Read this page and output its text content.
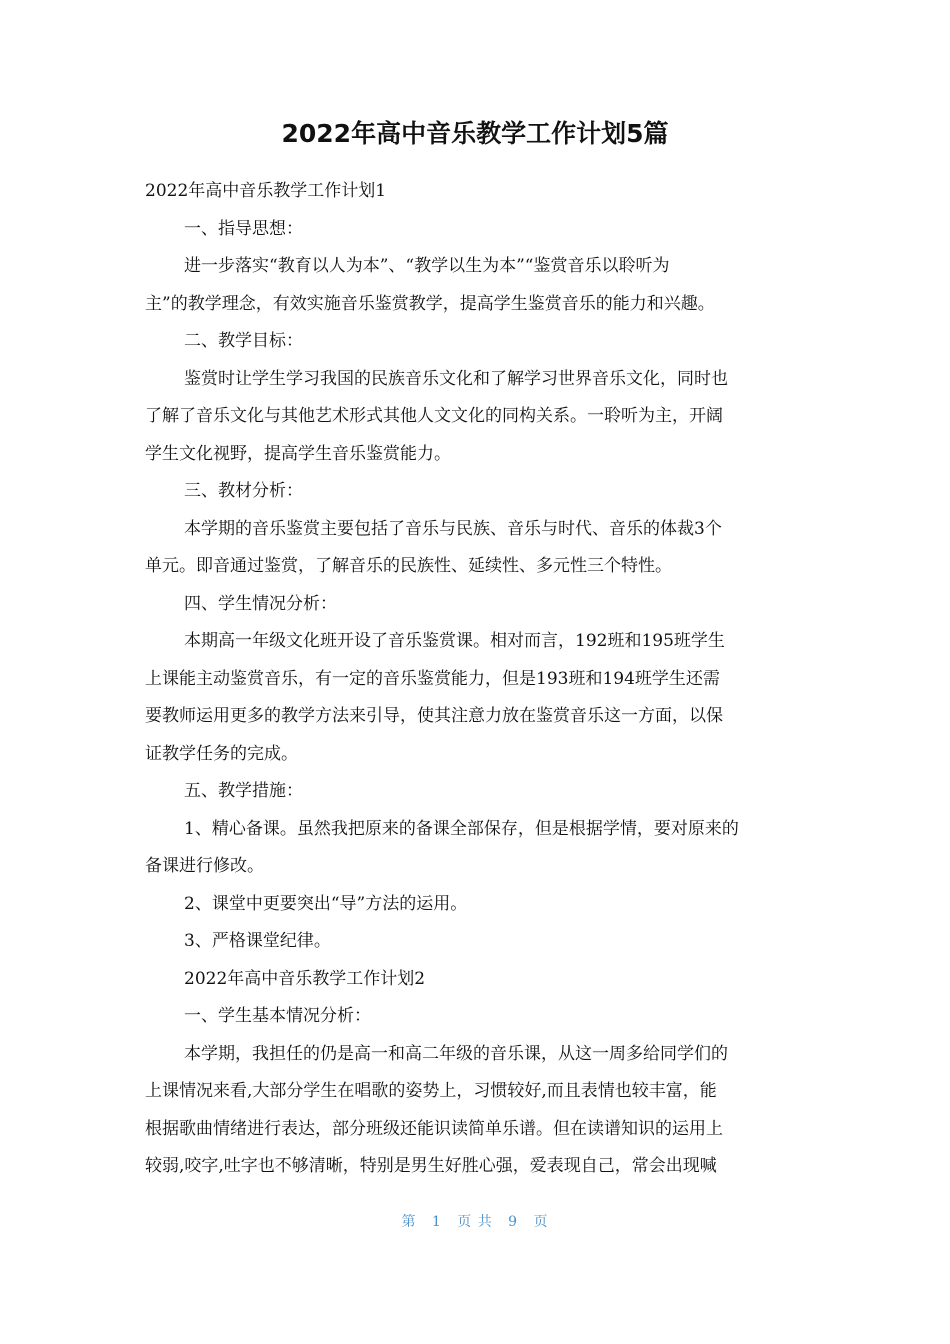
2022年高中音乐教学工作计划5篇

2022年高中音乐教学工作计划1

一、指导思想：

进一步落实“教育以人为本”、“教学以生为本”“鉴赏音乐以聆听为

主”的教学理念，有效实施音乐鉴赏教学，提高学生鉴赏音乐的能力和兴趣。

二、教学目标：

鉴赏时让学生学习我国的民族音乐文化和了解学习世界音乐文化，同时也

了解了音乐文化与其他艺术形式其他人文文化的同构关系。一聆听为主，开阔

学生文化视野，提高学生音乐鉴赏能力。

三、教材分析：

本学期的音乐鉴赏主要包括了音乐与民族、音乐与时代、音乐的体裁3个

单元。即音通过鉴赏，了解音乐的民族性、延续性、多元性三个特性。

四、学生情况分析：

本期高一年级文化班开设了音乐鉴赏课。相对而言，192班和195班学生

上课能主动鉴赏音乐，有一定的音乐鉴赏能力，但是193班和194班学生还需

要教师运用更多的教学方法来引导，使其注意力放在鉴赏音乐这一方面，以保

证教学任务的完成。

五、教学措施：

1、精心备课。虽然我把原来的备课全部保存，但是根据学情，要对原来的

备课进行修改。

2、课堂中更要突出“导”方法的运用。

3、严格课堂纪律。

2022年高中音乐教学工作计划2

一、学生基本情况分析：

本学期，我担任的仍是高一和高二年级的音乐课，从这一周多给同学们的

上课情况来看,大部分学生在唱歌的姿势上，习惯较好,而且表情也较丰富，能

根据歌曲情绪进行表达，部分班级还能识读简单乐谱。但在读谱知识的运用上

较弱,咬字,吐字也不够清晰，特别是男生好胜心强，爱表现自己，常会出现喊

第 1 页 共 9 页
